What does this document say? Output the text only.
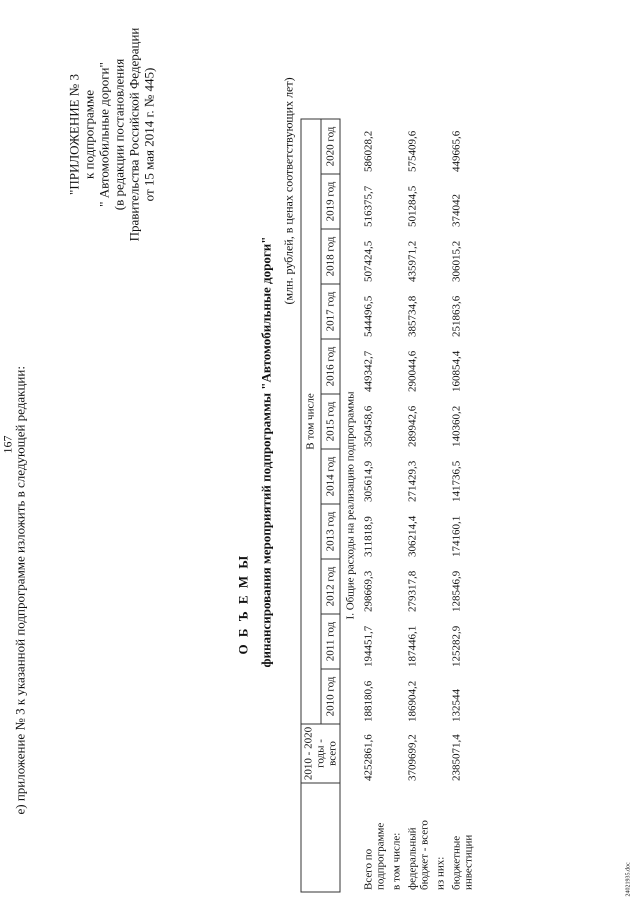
167
е) приложение № 3 к указанной подпрограмме изложить в следующей редакции:
"ПРИЛОЖЕНИЕ № 3 к подпрограмме " Автомобильные дороги" (в редакции постановления Правительства Российской Федерации от 15 мая 2014 г. № 445)
О Б Ъ Е М Ы финансирования мероприятий подпрограммы "Автомобильные дороги"
(млн. рублей, в ценах соответствующих лет)
	2010 - 2020 годы - всего	В том числе										
		2010 год	2011 год	2012 год	2013 год	2014 год	2015 год	2016 год	2017 год	2018 год	2019 год	2020 год
I. Общие расходы на реализацию подпрограммы												
Всего по подпрограмме	4252861,6	188180,6	194451,7	298669,3	311818,9	305614,9	350458,6	449342,7	544496,5	507424,5	516375,7	586028,2
в том числе:												
федеральный бюджет - всего	3709699,2	186904,2	187446,1	279317,8	306214,4	271429,3	289942,6	290044,6	385734,8	435971,2	501284,5	575409,6
из них:												
бюджетные инвестиции	2385071,4	132544	125282,9	128546,9	174160,1	141736,5	140360,2	160854,4	251863,6	306015,2	374042	449665,6
24021935.doc
